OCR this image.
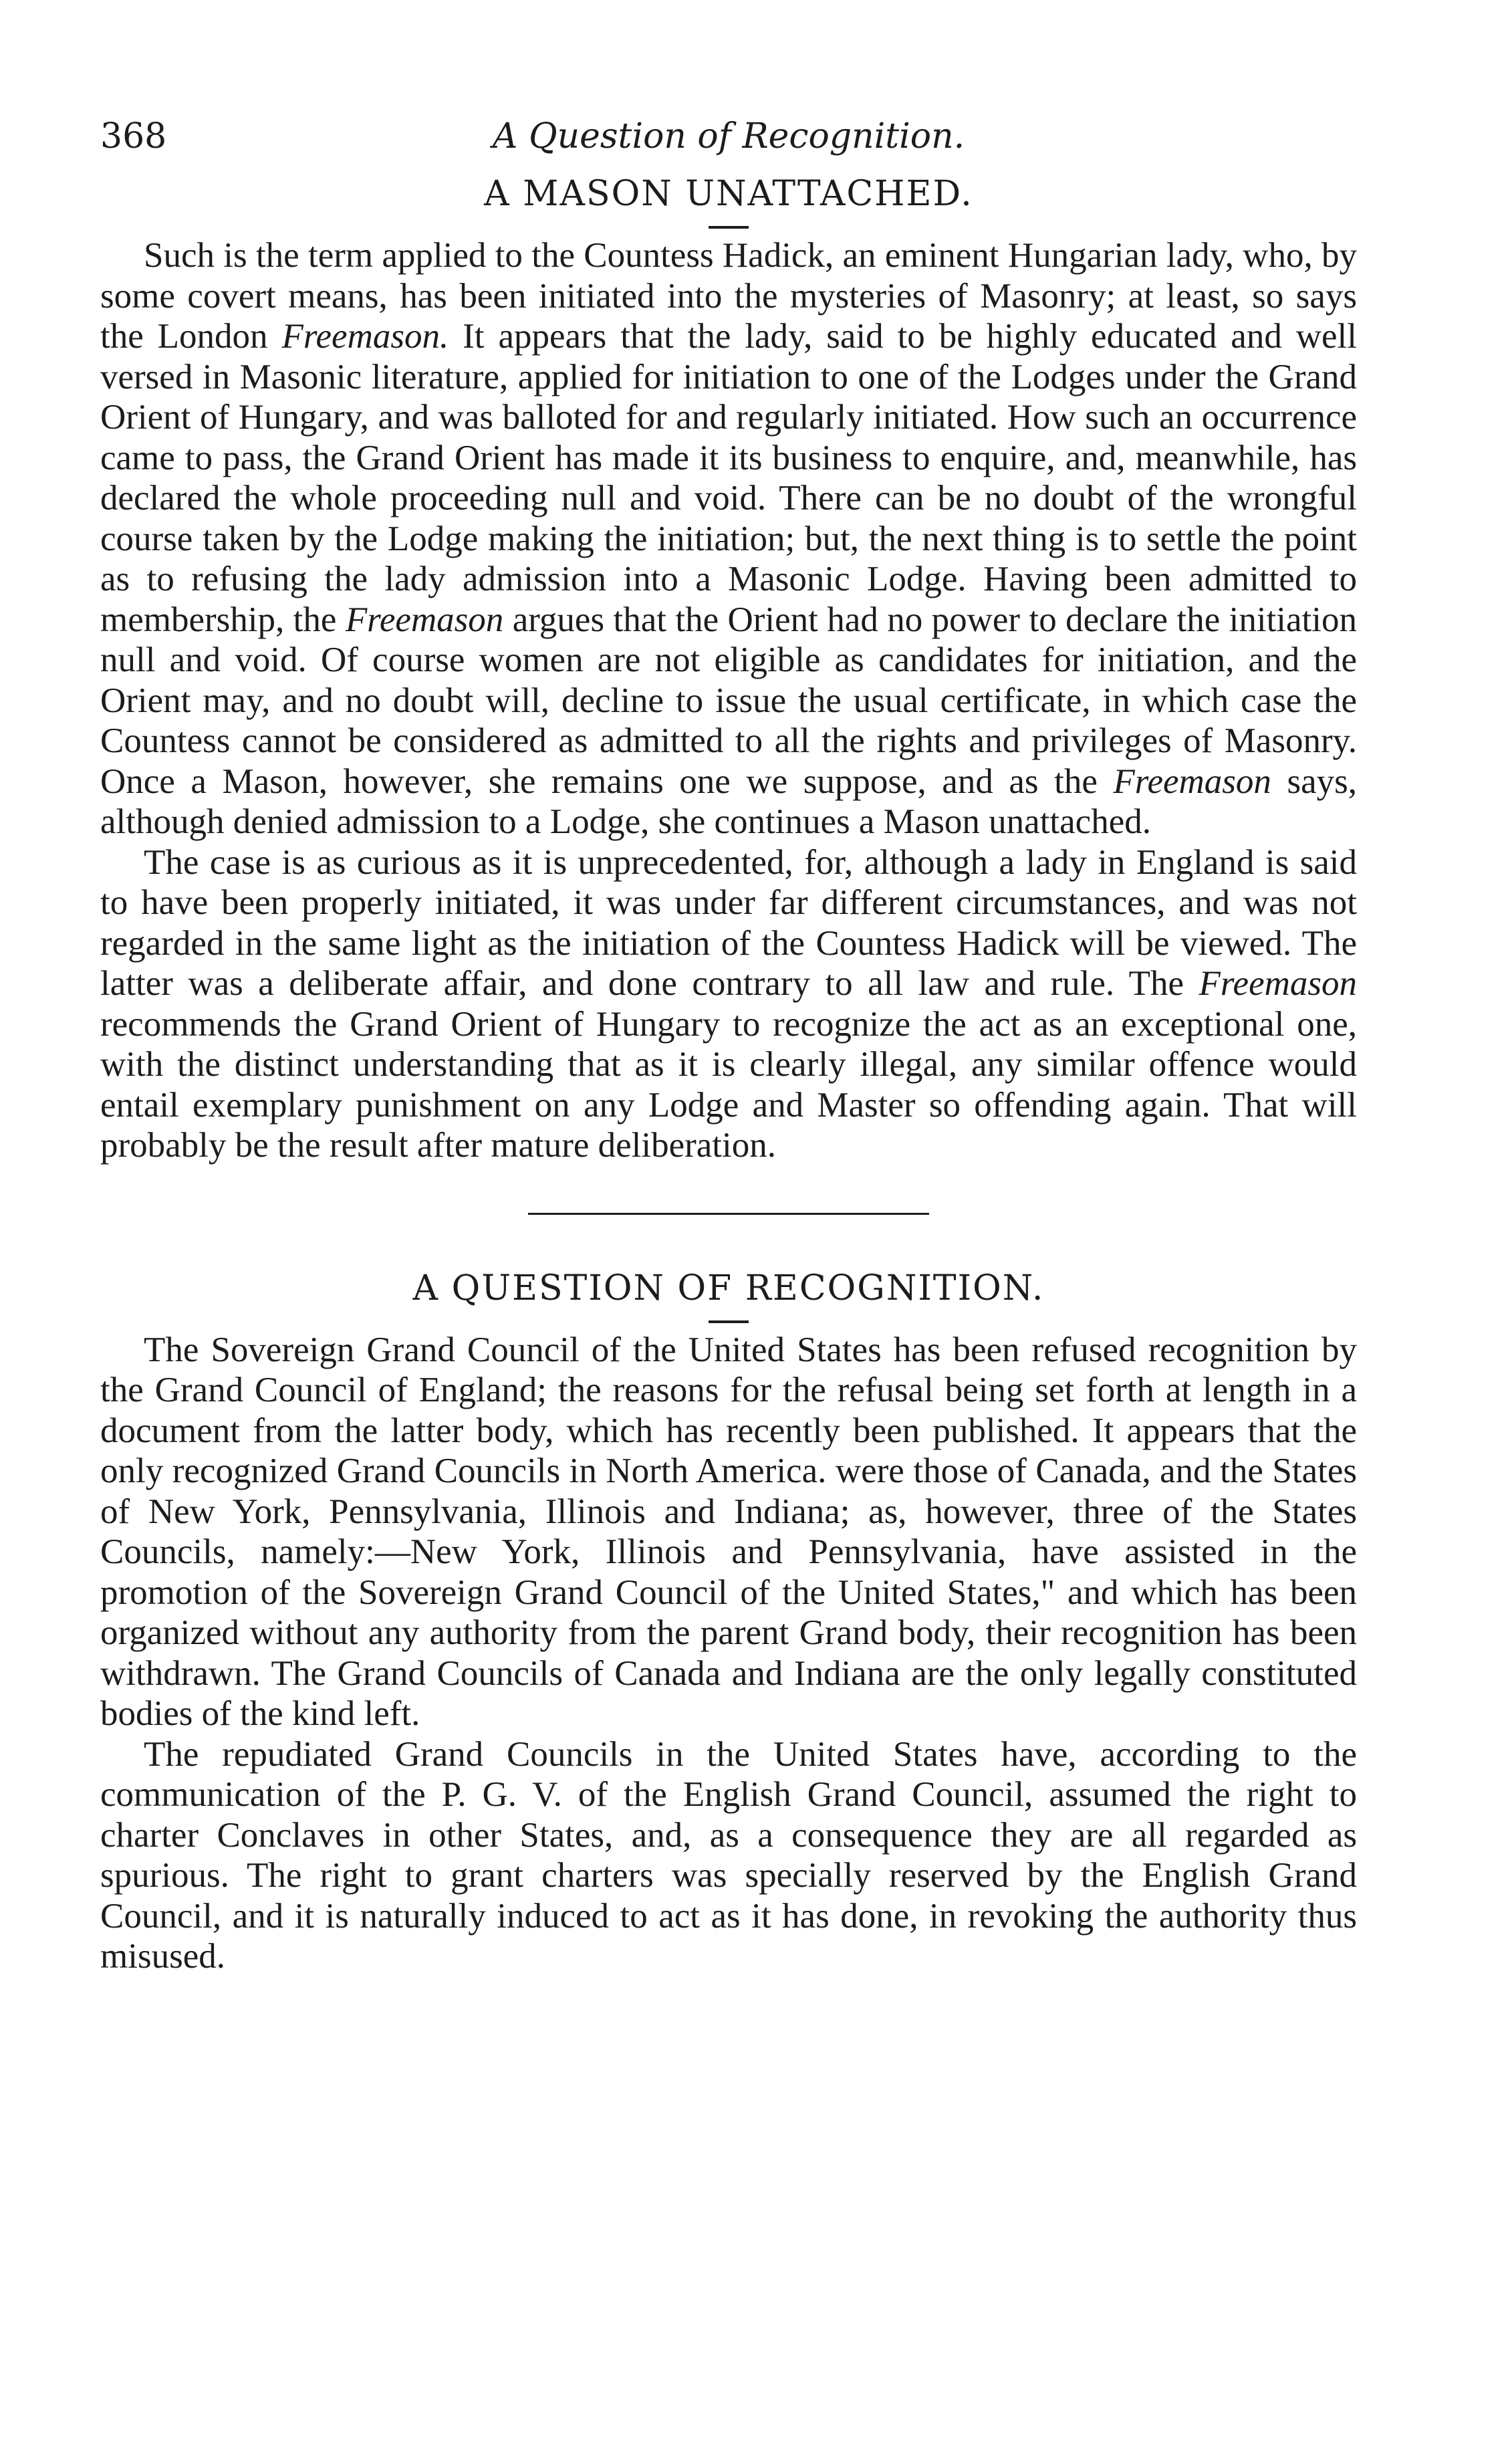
368	A Question of Recognition.
A MASON UNATTACHED.

Such is the term applied to the Countess Hadick, an eminent Hungarian lady, who, by some covert means, has been initiated into the mysteries of Masonry; at least, so says the London Freemason. It appears that the lady, said to be highly educated and well versed in Masonic literature, applied for initiation to one of the Lodges under the Grand Orient of Hungary, and was balloted for and regularly initiated. How such an occurrence came to pass, the Grand Orient has made it its business to enquire, and, meanwhile, has declared the whole proceeding null and void. There can be no doubt of the wrongful course taken by the Lodge making the initiation; but, the next thing is to settle the point as to refusing the lady admission into a Masonic Lodge. Having been admitted to membership, the Freemason argues that the Orient had no power to declare the initiation null and void. Of course women are not eligible as candidates for initiation, and the Orient may, and no doubt will, decline to issue the usual certificate, in which case the Countess cannot be considered as admitted to all the rights and privileges of Masonry. Once a Mason, however, she remains one we suppose, and as the Freemason says, although denied admission to a Lodge, she continues a Mason unattached.

The case is as curious as it is unprecedented, for, although a lady in England is said to have been properly initiated, it was under far different circumstances, and was not regarded in the same light as the initiation of the Countess Hadick will be viewed. The latter was a deliberate affair, and done contrary to all law and rule. The Freemason recommends the Grand Orient of Hungary to recognize the act as an exceptional one, with the distinct understanding that as it is clearly illegal, any similar offence would entail exemplary punishment on any Lodge and Master so offending again. That will probably be the result after mature deliberation.

A QUESTION OF RECOGNITION.

The Sovereign Grand Council of the United States has been refused recognition by the Grand Council of England; the reasons for the refusal being set forth at length in a document from the latter body, which has recently been published. It appears that the only recognized Grand Councils in North America. were those of Canada, and the States of New York, Pennsylvania, Illinois and Indiana; as, however, three of the States Councils, namely:—New York, Illinois and Pennsylvania, have assisted in the promotion of the Sovereign Grand Council of the United States," and which has been organized without any authority from the parent Grand body, their recognition has been withdrawn. The Grand Councils of Canada and Indiana are the only legally constituted bodies of the kind left.

The repudiated Grand Councils in the United States have, according to the communication of the P. G. V. of the English Grand Council, assumed the right to charter Conclaves in other States, and, as a consequence they are all regarded as spurious. The right to grant charters was specially reserved by the English Grand Council, and it is naturally induced to act as it has done, in revoking the authority thus misused.
